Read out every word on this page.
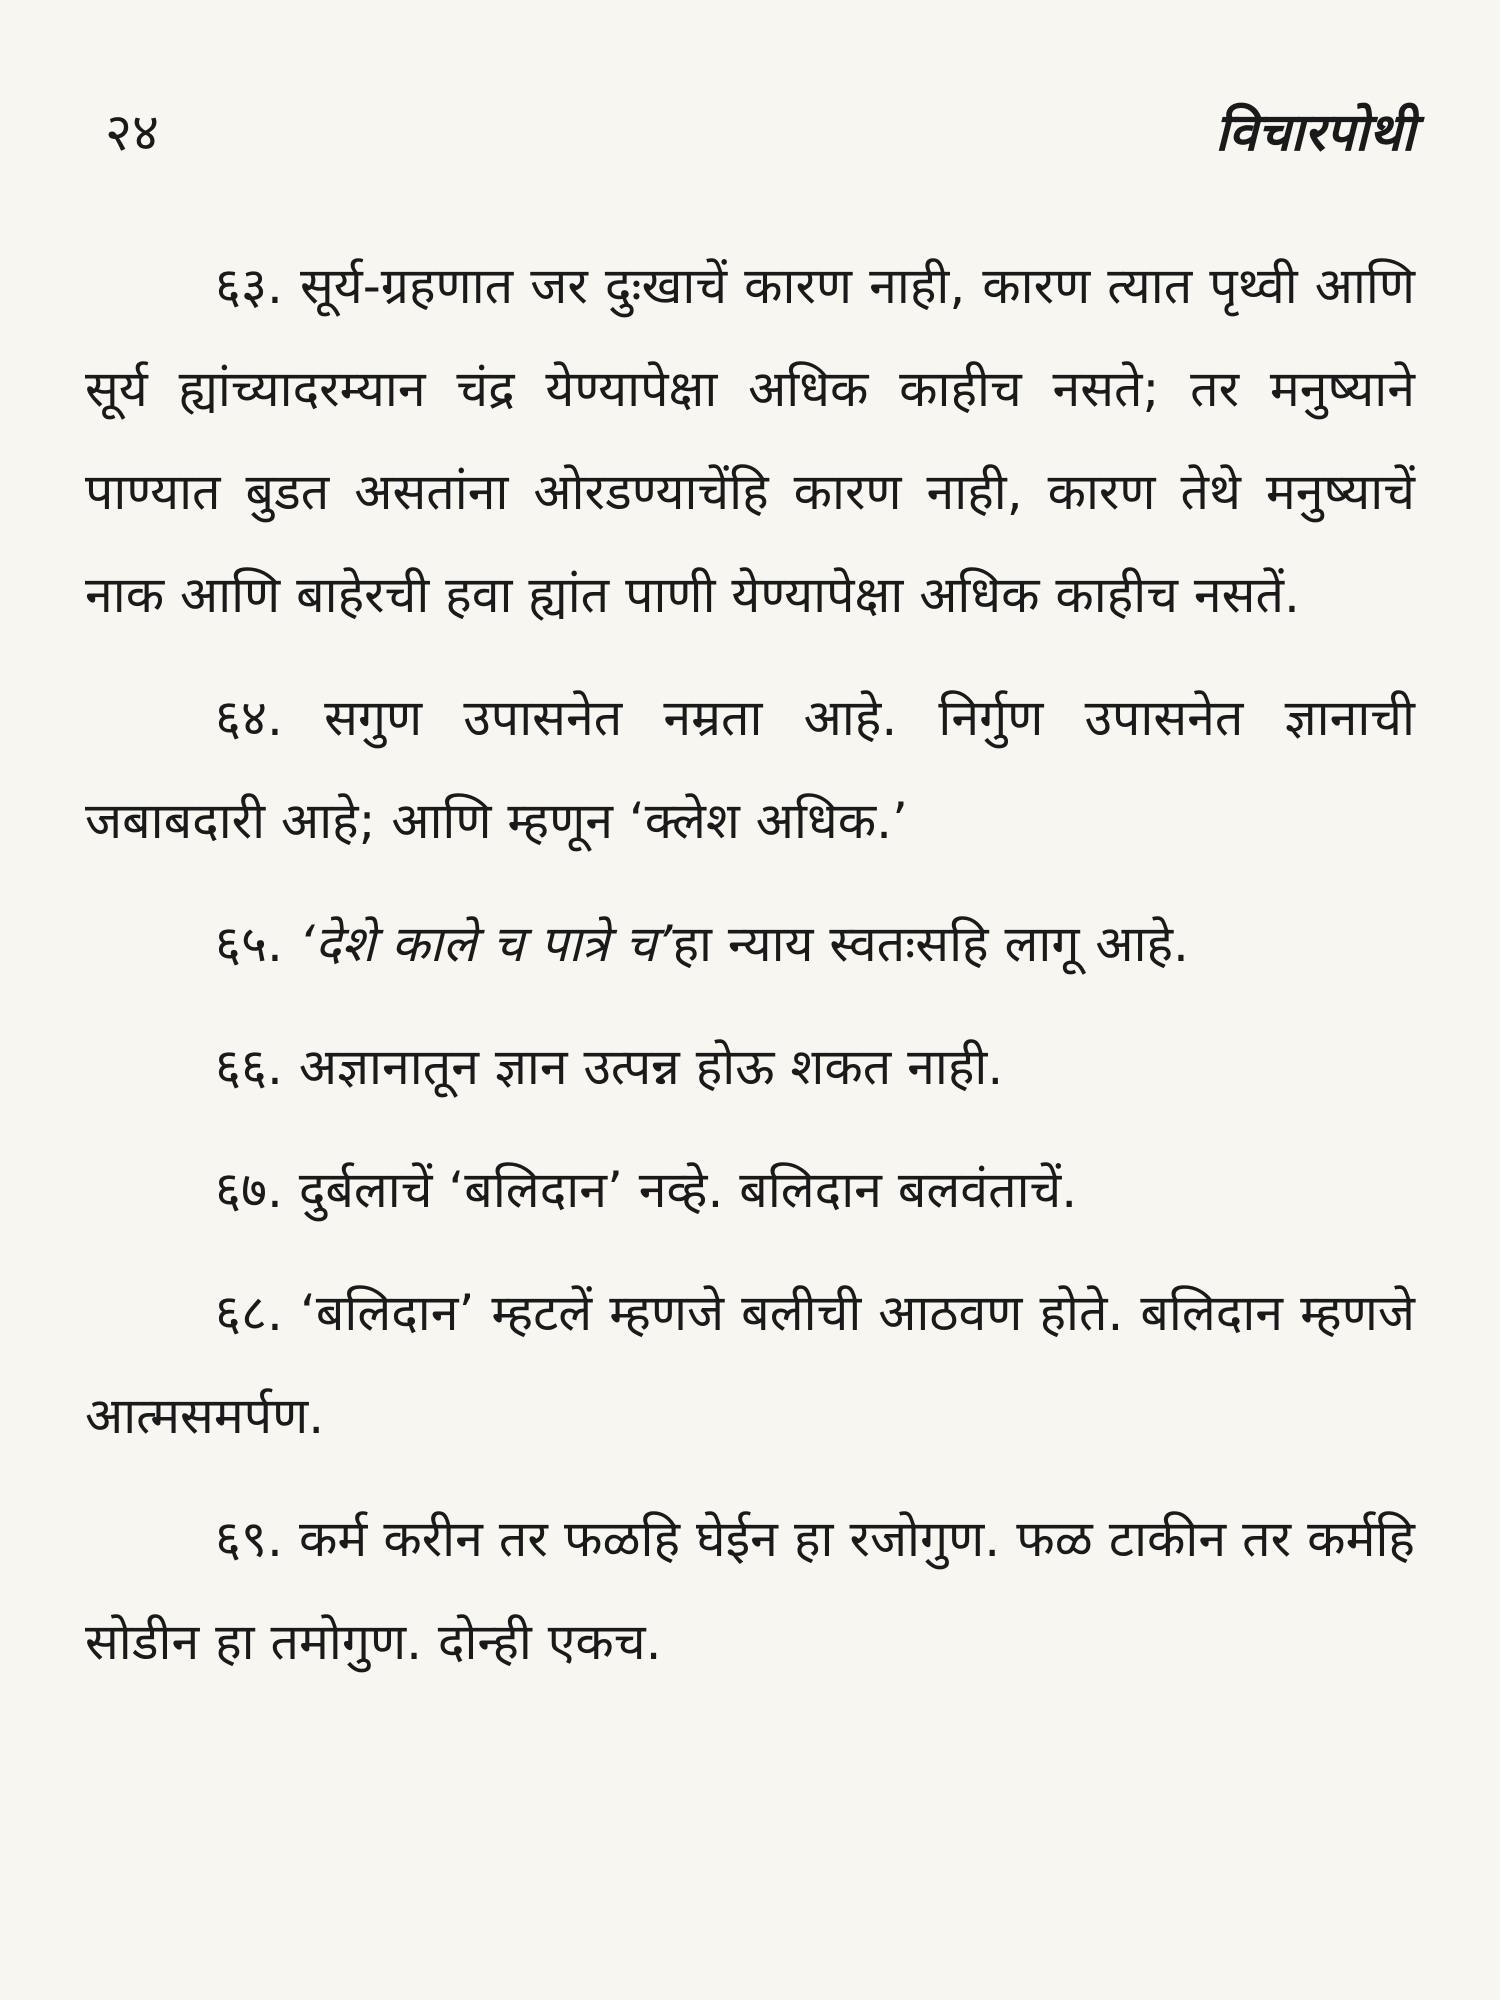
२४	विचारपोथी

६३. सूर्य-ग्रहणात जर दुःखाचें कारण नाही, कारण त्यात पृथ्वी आणि सूर्य ह्यांच्यादरम्यान चंद्र येण्यापेक्षा अधिक काहीच नसते; तर मनुष्याने पाण्यात बुडत असतांना ओरडण्याचेंहि कारण नाही, कारण तेथे मनुष्याचें नाक आणि बाहेरची हवा ह्यांत पाणी येण्यापेक्षा अधिक काहीच नसतें.

६४. सगुण उपासनेत नम्रता आहे. निर्गुण उपासनेत ज्ञानाची जबाबदारी आहे; आणि म्हणून ‘क्लेश अधिक.’

६५. ‘देशे काले च पात्रे च’हा न्याय स्वतःसहि लागू आहे.

६६. अज्ञानातून ज्ञान उत्पन्न होऊ शकत नाही.

६७. दुर्बलाचें ‘बलिदान’ नव्हे. बलिदान बलवंताचें.

६८. ‘बलिदान’ म्हटलें म्हणजे बलीची आठवण होते. बलिदान म्हणजे आत्मसमर्पण.

६९. कर्म करीन तर फळहि घेईन हा रजोगुण. फळ टाकीन तर कर्महि सोडीन हा तमोगुण. दोन्ही एकच.
